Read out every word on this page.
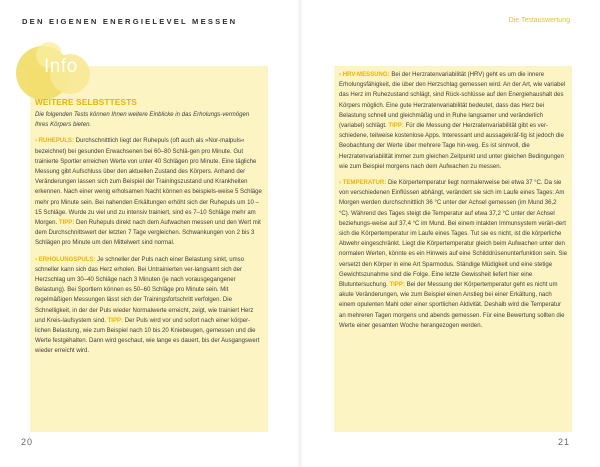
DEN EIGENEN ENERGIELEVEL MESSEN	Die Testauswertung
Info
WEITERE SELBSTTESTS
Die folgenden Tests können Ihnen weitere Einblicke in das Erholungs-vermögen Ihres Körpers bieten.
› RUHEPULS: Durchschnittlich liegt der Ruhepuls (oft auch als »Nor-malpuls« bezeichnet) bei gesunden Erwachsenen bei 60–80 Schlä-gen pro Minute. Gut trainierte Sportler erreichen Werte von unter 40 Schlägen pro Minute. Eine tägliche Messung gibt Aufschluss über den aktuellen Zustand des Körpers. Anhand der Veränderungen lassen sich zum Beispiel der Trainingszustand und Krankheiten erkennen. Nach einer wenig erholsamen Nacht können es beispiels-weise 5 Schläge mehr pro Minute sein. Bei nahenden Erkältungen erhöht sich der Ruhepuls um 10 –15 Schläge. Wurde zu viel und zu intensiv trainiert, sind es 7–10 Schläge mehr am Morgen. TIPP: Den Ruhepuls direkt nach dem Aufwachen messen und den Wert mit dem Durchschnittswert der letzten 7 Tage vergleichen. Schwankungen von 2 bis 3 Schlägen pro Minute um den Mittelwert sind normal.
› ERHOLUNGSPULS: Je schneller der Puls nach einer Belastung sinkt, umso schneller kann sich das Herz erholen. Bei Untrainierten ver-langsamt sich der Herzschlag um 30–40 Schläge nach 3 Minuten (je nach vorausgegangener Belastung). Bei Sportlern können es 50–60 Schläge pro Minute sein. Mit regelmäßigen Messungen lässt sich der Trainingsfortschritt verfolgen. Die Schnelligkeit, in der der Puls wieder Normalwerte erreicht, zeigt, wie trainiert Herz und Kreis-laufsystem sind. TIPP: Der Puls wird vor und sofort nach einer körper-lichen Belastung, wie zum Beispiel nach 10 bis 20 Kniebeugen, gemessen und die Werte festgehalten. Dann wird geschaut, wie lange es dauert, bis der Ausgangswert wieder erreicht wird.
› HRV-MESSUNG: Bei der Herzratenvariabilität (HRV) geht es um die innere Erholungsfähigkeit, die über den Herzschlag gemessen wird. An der Art, wie variabel das Herz im Ruhezustand schlägt, sind Rück-schlüsse auf den Energiehaushalt des Körpers möglich. Eine gute Herzratenvariabilität bedeutet, dass das Herz bei Belastung schnell und gleichmäßig und in Ruhe langsamer und veränderlich (variabel) schlägt. TIPP: Für die Messung der Herzratenvariabilität gibt es ver-schiedene, teilweise kostenlose Apps. Interessant und aussagekräf-tig ist jedoch die Beobachtung der Werte über mehrere Tage hin-weg. Es ist sinnvoll, die Herzratenvariabilität immer zum gleichen Zeitpunkt und unter gleichen Bedingungen wie zum Beispiel morgens nach dem Aufwachen zu messen.
› TEMPERATUR: Die Körpertemperatur liegt normalerweise bei etwa 37 °C. Da sie von verschiedenen Einflüssen abhängt, verändert sie sich im Laufe eines Tages: Am Morgen werden durchschnittlich 36 °C unter der Achsel gemessen (im Mund 36,2 °C). Während des Tages steigt die Temperatur auf etwa 37,2 °C unter der Achsel beziehungs-weise auf 37,4 °C im Mund. Bei einem intakten Immunsystem verän-dert sich die Körpertemperatur im Laufe eines Tages. Tut sie es nicht, ist die körperliche Abwehr eingeschränkt. Liegt die Körpertemperatur gleich beim Aufwachen unter den normalen Werten, könnte es ein Hinweis auf eine Schilddrüsenunterfunktion sein. Sie versetzt den Körper in eine Art Sparmodus. Ständige Müdigkeit und eine stetige Gewichtszunahme sind die Folge. Eine letzte Gewissheit liefert hier eine Blutuntersuchung. TIPP: Bei der Messung der Körpertemperatur geht es nicht um akute Veränderungen, wie zum Beispiel einen Anstieg bei einer Erkältung, nach einem opulenten Mahl oder einer sportlichen Aktivität. Deshalb wird die Temperatur an mehreren Tagen morgens und abends gemessen. Für eine Bewertung sollten die Werte einer gesamten Woche herangezogen werden.
20	21
